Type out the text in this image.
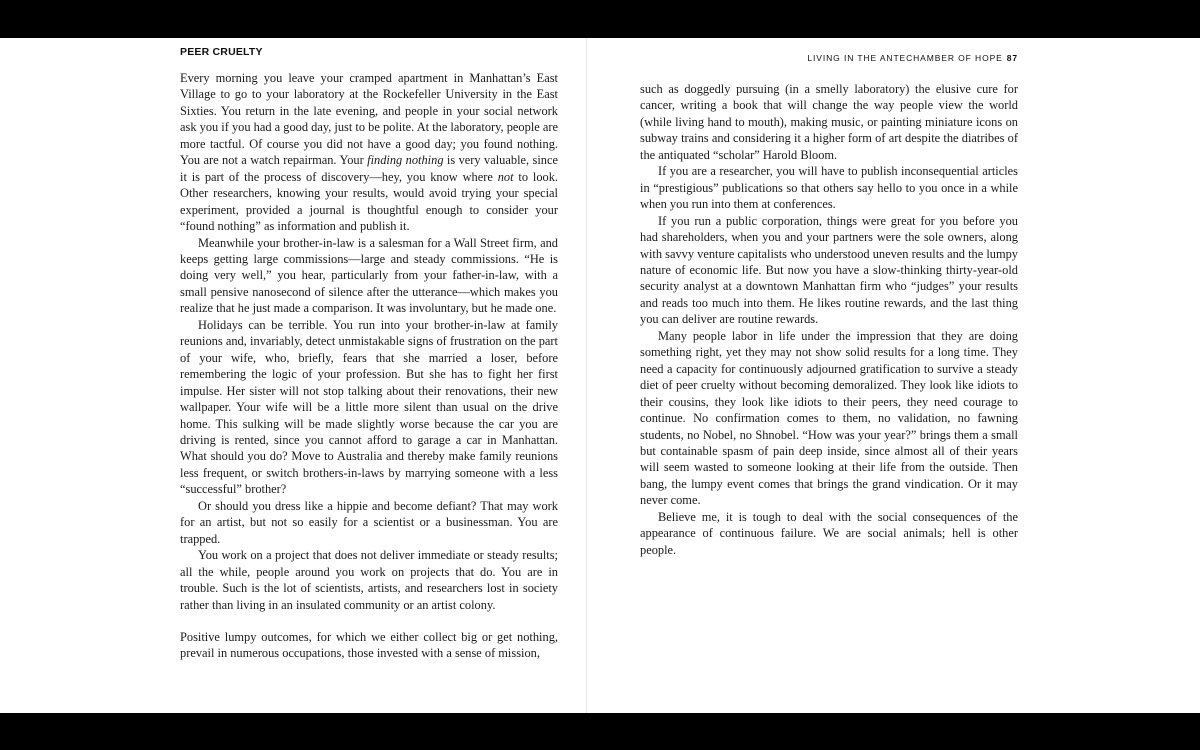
PEER CRUELTY

Every morning you leave your cramped apartment in Manhattan’s East Village to go to your laboratory at the Rockefeller University in the East Sixties. You return in the late evening, and people in your social network ask you if you had a good day, just to be polite. At the laboratory, people are more tactful. Of course you did not have a good day; you found nothing. You are not a watch repairman. Your finding nothing is very valuable, since it is part of the process of discovery—hey, you know where not to look. Other researchers, knowing your results, would avoid trying your special experiment, provided a journal is thoughtful enough to consider your “found nothing” as information and publish it.

Meanwhile your brother-in-law is a salesman for a Wall Street firm, and keeps getting large commissions—large and steady commissions. “He is doing very well,” you hear, particularly from your father-in-law, with a small pensive nanosecond of silence after the utterance—which makes you realize that he just made a comparison. It was involuntary, but he made one.

Holidays can be terrible. You run into your brother-in-law at family reunions and, invariably, detect unmistakable signs of frustration on the part of your wife, who, briefly, fears that she married a loser, before remembering the logic of your profession. But she has to fight her first impulse. Her sister will not stop talking about their renovations, their new wallpaper. Your wife will be a little more silent than usual on the drive home. This sulking will be made slightly worse because the car you are driving is rented, since you cannot afford to garage a car in Manhattan. What should you do? Move to Australia and thereby make family reunions less frequent, or switch brothers-in-laws by marrying someone with a less “successful” brother?

Or should you dress like a hippie and become defiant? That may work for an artist, but not so easily for a scientist or a businessman. You are trapped.

You work on a project that does not deliver immediate or steady results; all the while, people around you work on projects that do. You are in trouble. Such is the lot of scientists, artists, and researchers lost in society rather than living in an insulated community or an artist colony.

Positive lumpy outcomes, for which we either collect big or get nothing, prevail in numerous occupations, those invested with a sense of mission,

LIVING IN THE ANTECHAMBER OF HOPE 87

such as doggedly pursuing (in a smelly laboratory) the elusive cure for cancer, writing a book that will change the way people view the world (while living hand to mouth), making music, or painting miniature icons on subway trains and considering it a higher form of art despite the diatribes of the antiquated “scholar” Harold Bloom.

If you are a researcher, you will have to publish inconsequential articles in “prestigious” publications so that others say hello to you once in a while when you run into them at conferences.

If you run a public corporation, things were great for you before you had shareholders, when you and your partners were the sole owners, along with savvy venture capitalists who understood uneven results and the lumpy nature of economic life. But now you have a slow-thinking thirty-year-old security analyst at a downtown Manhattan firm who “judges” your results and reads too much into them. He likes routine rewards, and the last thing you can deliver are routine rewards.

Many people labor in life under the impression that they are doing something right, yet they may not show solid results for a long time. They need a capacity for continuously adjourned gratification to survive a steady diet of peer cruelty without becoming demoralized. They look like idiots to their cousins, they look like idiots to their peers, they need courage to continue. No confirmation comes to them, no validation, no fawning students, no Nobel, no Shnobel. “How was your year?” brings them a small but containable spasm of pain deep inside, since almost all of their years will seem wasted to someone looking at their life from the outside. Then bang, the lumpy event comes that brings the grand vindication. Or it may never come.

Believe me, it is tough to deal with the social consequences of the appearance of continuous failure. We are social animals; hell is other people.
